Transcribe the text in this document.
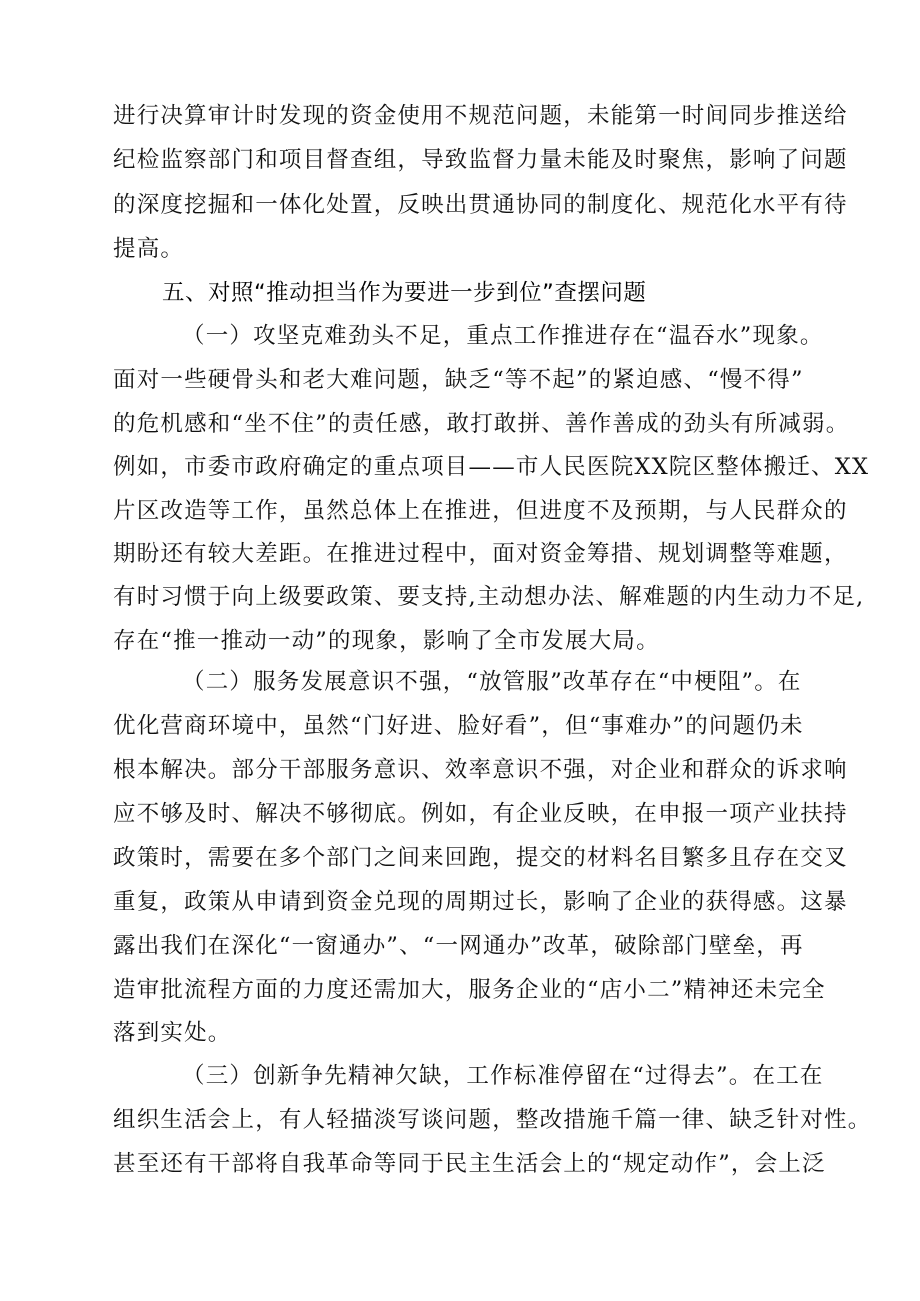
进行决算审计时发现的资金使用不规范问题，未能第一时间同步推送给
纪检监察部门和项目督查组，导致监督力量未能及时聚焦，影响了问题
的深度挖掘和一体化处置，反映出贯通协同的制度化、规范化水平有待
提高。
五、对照“推动担当作为要进一步到位”查摆问题
（一）攻坚克难劲头不足，重点工作推进存在“温吞水”现象。
面对一些硬骨头和老大难问题，缺乏“等不起”的紧迫感、“慢不得”
的危机感和“坐不住”的责任感，敢打敢拼、善作善成的劲头有所减弱。
例如，市委市政府确定的重点项目——市人民医院XX院区整体搬迁、XX
片区改造等工作，虽然总体上在推进，但进度不及预期，与人民群众的
期盼还有较大差距。在推进过程中，面对资金筹措、规划调整等难题，
有时习惯于向上级要政策、要支持,主动想办法、解难题的内生动力不足,
存在“推一推动一动”的现象，影响了全市发展大局。
（二）服务发展意识不强，“放管服”改革存在“中梗阻”。在
优化营商环境中，虽然“门好进、脸好看”，但“事难办”的问题仍未
根本解决。部分干部服务意识、效率意识不强，对企业和群众的诉求响
应不够及时、解决不够彻底。例如，有企业反映，在申报一项产业扶持
政策时，需要在多个部门之间来回跑，提交的材料名目繁多且存在交叉
重复，政策从申请到资金兑现的周期过长，影响了企业的获得感。这暴
露出我们在深化“一窗通办”、“一网通办”改革，破除部门壁垒，再
造审批流程方面的力度还需加大，服务企业的“店小二”精神还未完全
落到实处。
（三）创新争先精神欠缺，工作标准停留在“过得去”。在工在
组织生活会上，有人轻描淡写谈问题，整改措施千篇一律、缺乏针对性。
甚至还有干部将自我革命等同于民主生活会上的“规定动作”，会上泛
